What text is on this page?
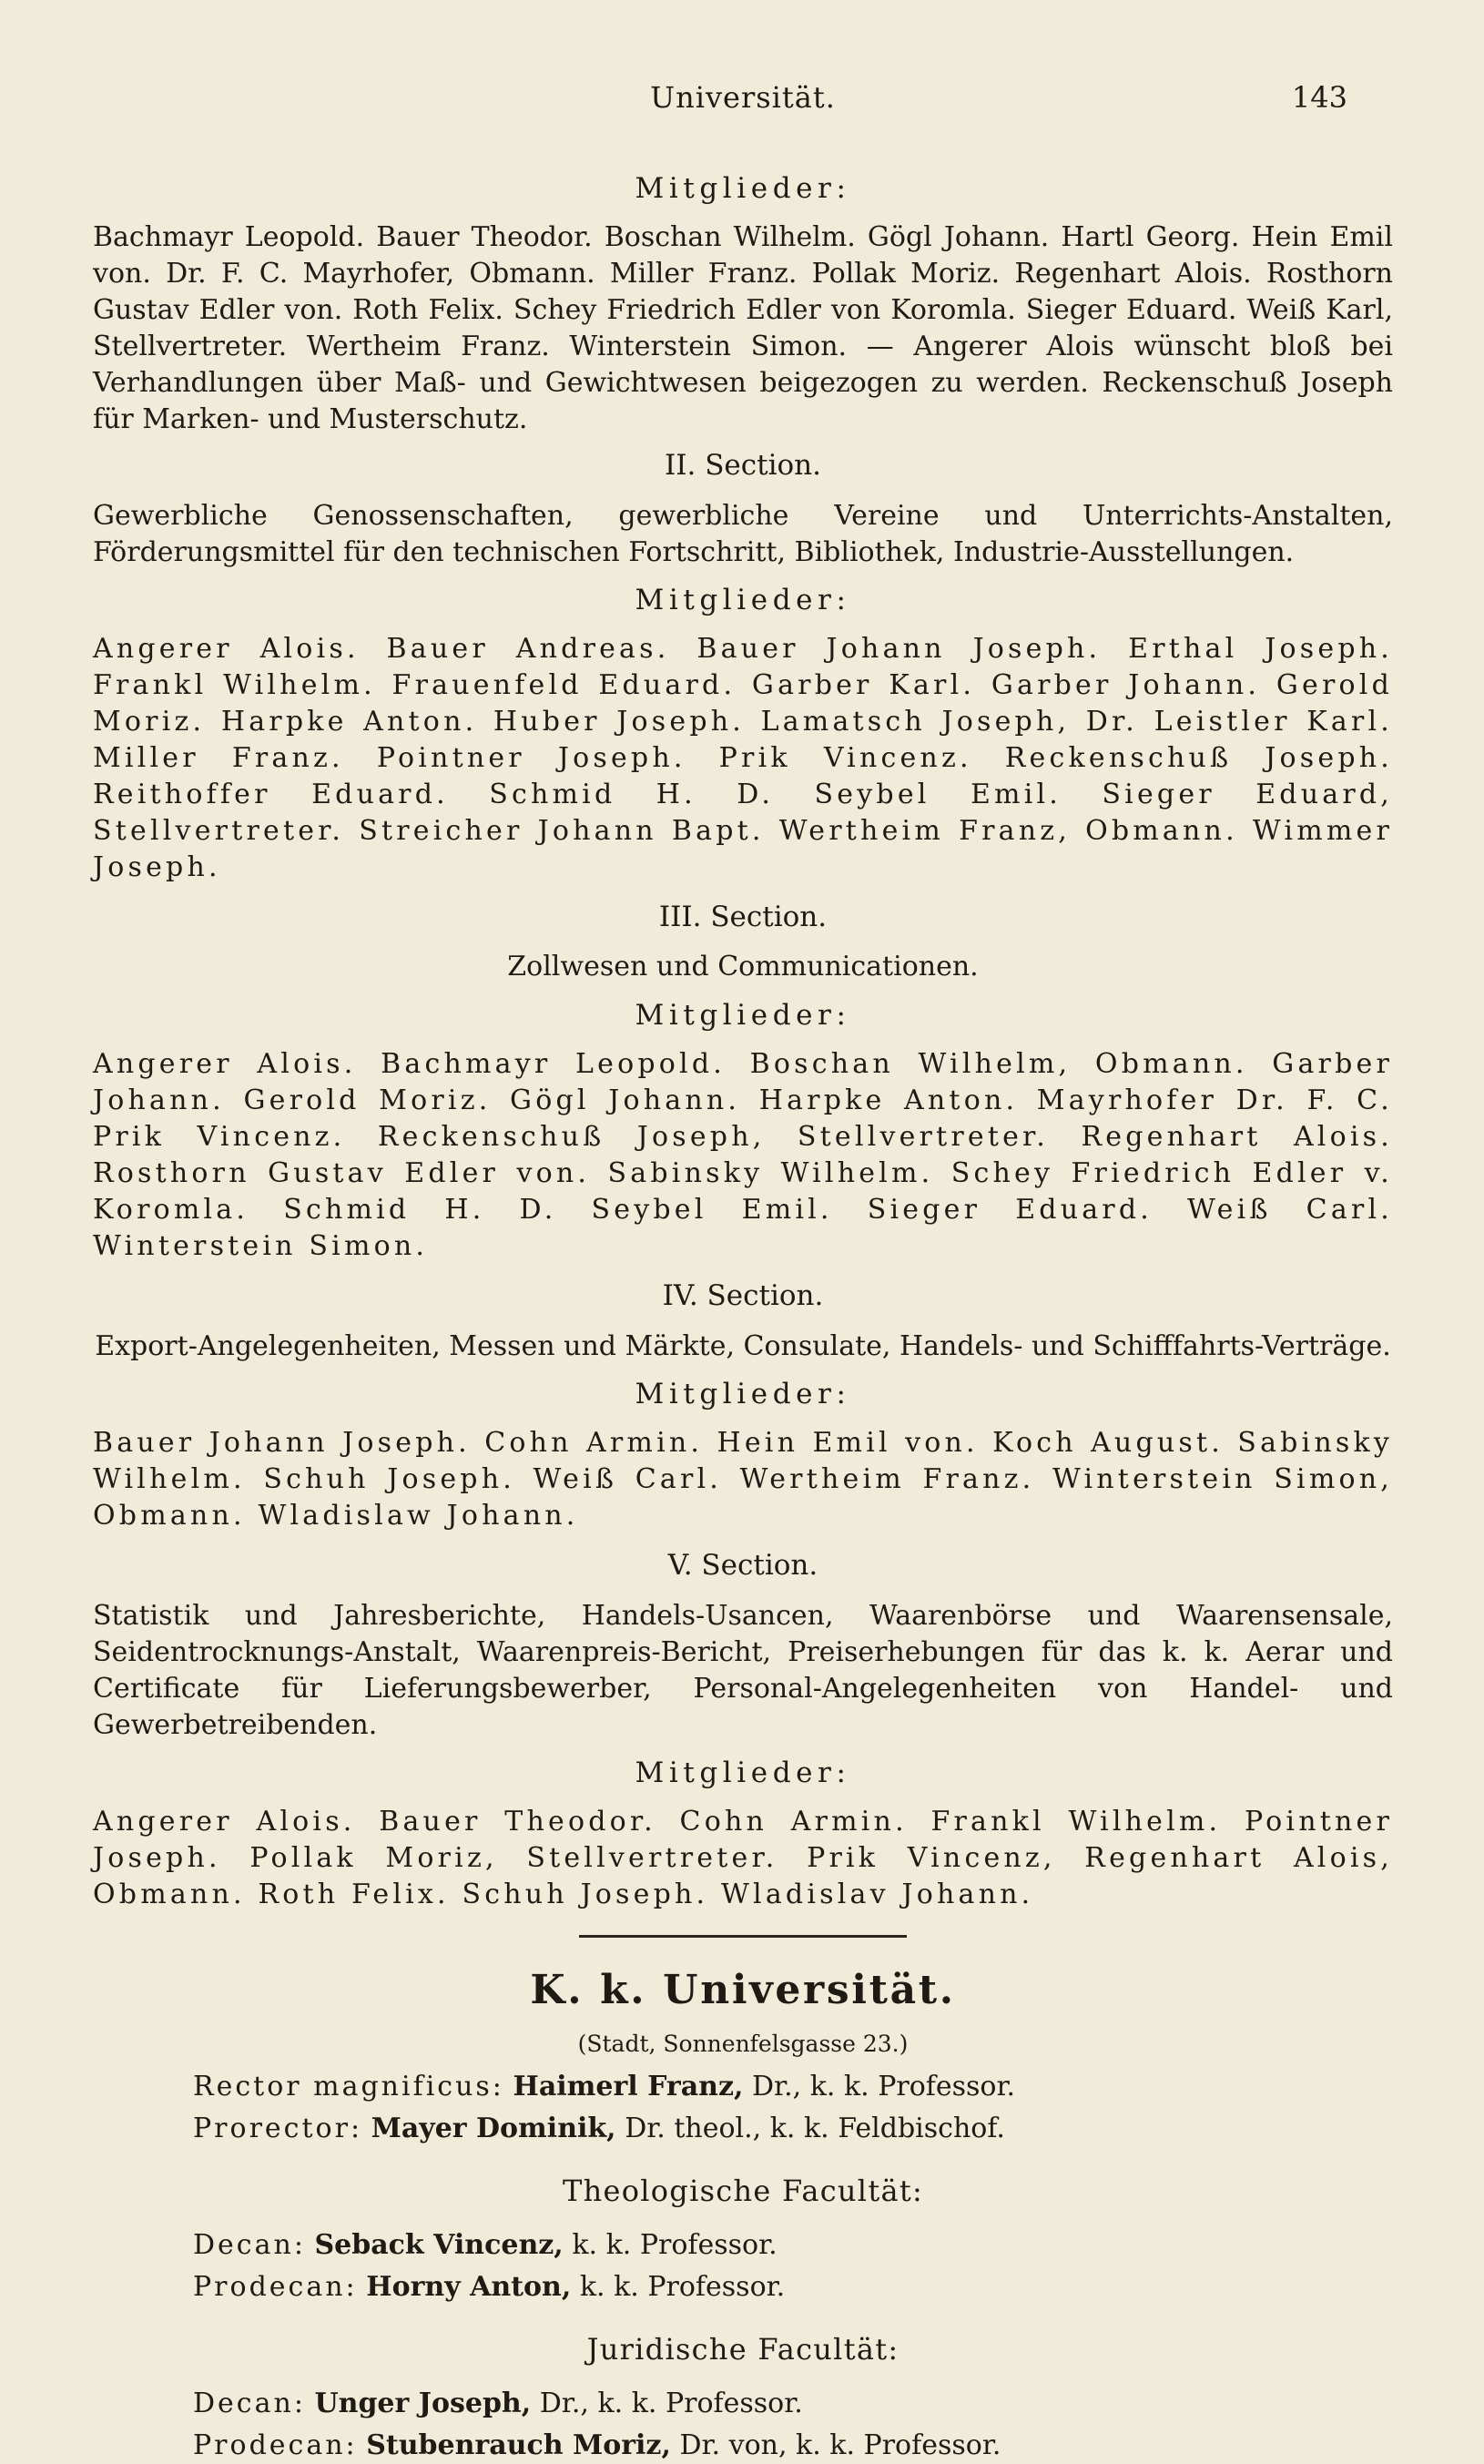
Universität.	143
Mitglieder:
Bachmayr Leopold. Bauer Theodor. Boschan Wilhelm. Gögl Johann. Hartl Georg. Hein Emil von. Dr. F. C. Mayrhofer, Obmann. Miller Franz. Pollak Moriz. Regenhart Alois. Rosthorn Gustav Edler von. Roth Felix. Schey Friedrich Edler von Koromla. Sieger Eduard. Weiß Karl, Stellvertreter. Wertheim Franz. Winterstein Simon. — Angerer Alois wünscht bloß bei Verhandlungen über Maß- und Gewichtwesen beigezogen zu werden. Reckenschuß Joseph für Marken- und Musterschutz.
II. Section.
Gewerbliche Genossenschaften, gewerbliche Vereine und Unterrichts-Anstalten, Förderungsmittel für den technischen Fortschritt, Bibliothek, Industrie-Ausstellungen.
Mitglieder:
Angerer Alois. Bauer Andreas. Bauer Johann Joseph. Erthal Joseph. Frankl Wilhelm. Frauenfeld Eduard. Garber Karl. Garber Johann. Gerold Moriz. Harpke Anton. Huber Joseph. Lamatsch Joseph, Dr. Leistler Karl. Miller Franz. Pointner Joseph. Prik Vincenz. Reckenschuß Joseph. Reithoffer Eduard. Schmid H. D. Seybel Emil. Sieger Eduard, Stellvertreter. Streicher Johann Bapt. Wertheim Franz, Obmann. Wimmer Joseph.
III. Section.
Zollwesen und Communicationen.
Mitglieder:
Angerer Alois. Bachmayr Leopold. Boschan Wilhelm, Obmann. Garber Johann. Gerold Moriz. Gögl Johann. Harpke Anton. Mayrhofer Dr. F. C. Prik Vincenz. Reckenschuß Joseph, Stellvertreter. Regenhart Alois. Rosthorn Gustav Edler von. Sabinsky Wilhelm. Schey Friedrich Edler v. Koromla. Schmid H. D. Seybel Emil. Sieger Eduard. Weiß Carl. Winterstein Simon.
IV. Section.
Export-Angelegenheiten, Messen und Märkte, Consulate, Handels- und Schifffahrts-Verträge.
Mitglieder:
Bauer Johann Joseph. Cohn Armin. Hein Emil von. Koch August. Sabinsky Wilhelm. Schuh Joseph. Weiß Carl. Wertheim Franz. Winterstein Simon, Obmann. Wladislaw Johann.
V. Section.
Statistik und Jahresberichte, Handels-Usancen, Waarenbörse und Waarensensale, Seidentrocknungs-Anstalt, Waarenpreis-Bericht, Preiserhebungen für das k. k. Aerar und Certificate für Lieferungsbewerber, Personal-Angelegenheiten von Handel- und Gewerbetreibenden.
Mitglieder:
Angerer Alois. Bauer Theodor. Cohn Armin. Frankl Wilhelm. Pointner Joseph. Pollak Moriz, Stellvertreter. Prik Vincenz, Regenhart Alois, Obmann. Roth Felix. Schuh Joseph. Wladislav Johann.
K. k. Universität.
(Stadt, Sonnenfelsgasse 23.)
Rector magnificus: Haimerl Franz, Dr., k. k. Professor.
Prorector: Mayer Dominik, Dr. theol., k. k. Feldbischof.
Theologische Facultät:
Decan: Seback Vincenz, k. k. Professor.
Prodecan: Horny Anton, k. k. Professor.
Juridische Facultät:
Decan: Unger Joseph, Dr., k. k. Professor.
Prodecan: Stubenrauch Moriz, Dr. von, k. k. Professor.
